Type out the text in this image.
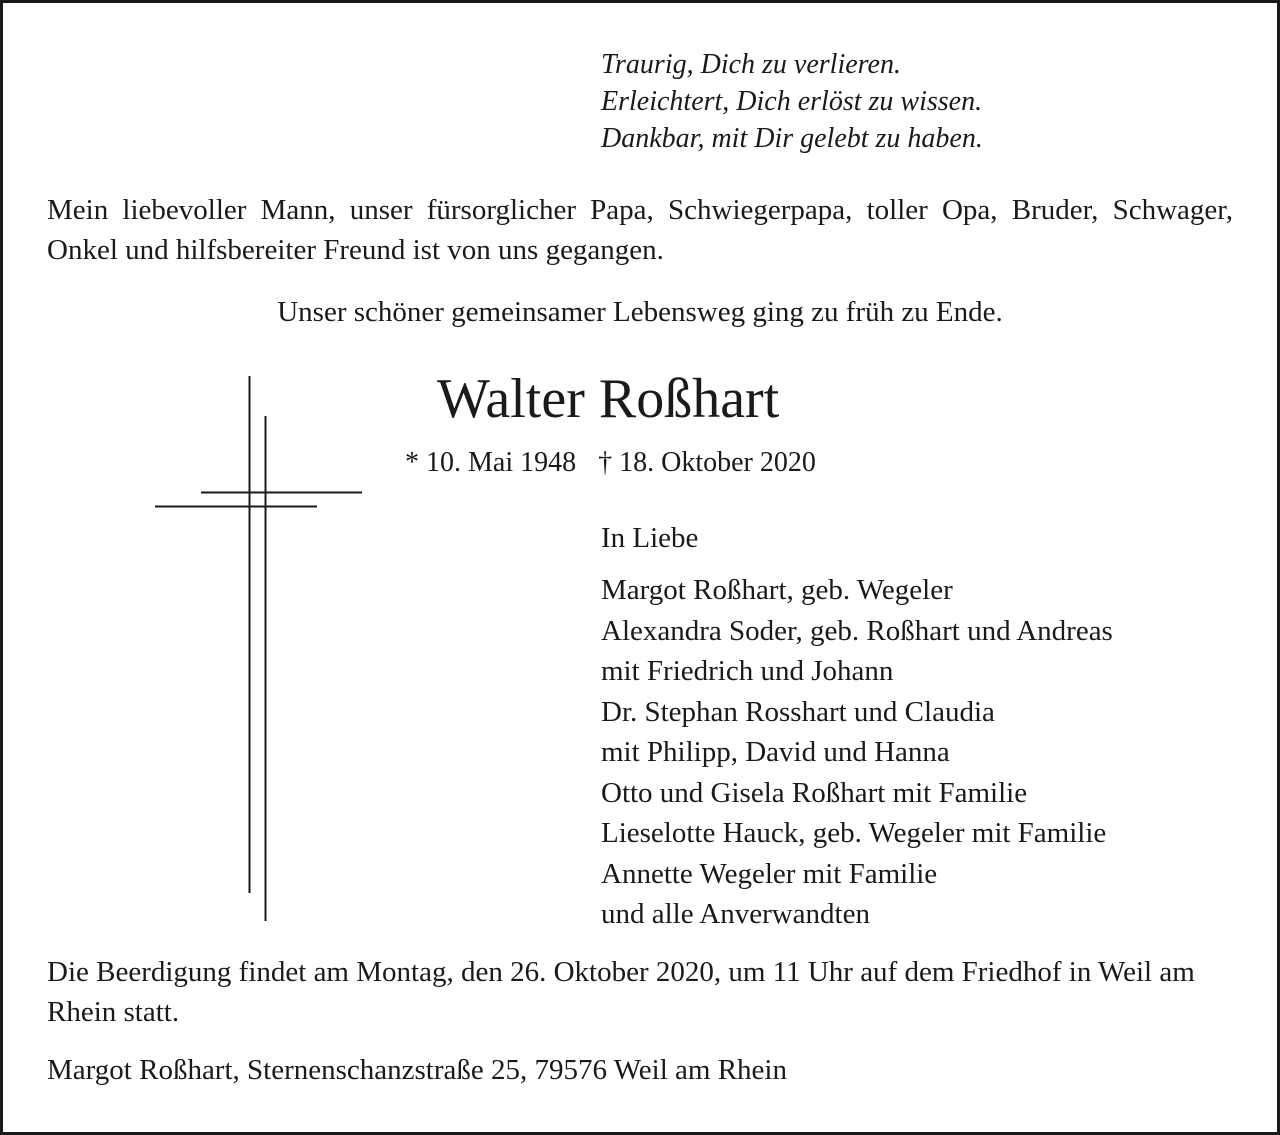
Traurig, Dich zu verlieren.
Erleichtert, Dich erlöst zu wissen.
Dankbar, mit Dir gelebt zu haben.
Mein liebevoller Mann, unser fürsorglicher Papa, Schwiegerpapa, toller Opa, Bruder, Schwager, Onkel und hilfsbereiter Freund ist von uns gegangen.
Unser schöner gemeinsamer Lebensweg ging zu früh zu Ende.
Walter Roßhart
* 10. Mai 1948 † 18. Oktober 2020
In Liebe
Margot Roßhart, geb. Wegeler
Alexandra Soder, geb. Roßhart und Andreas
mit Friedrich und Johann
Dr. Stephan Rosshart und Claudia
mit Philipp, David und Hanna
Otto und Gisela Roßhart mit Familie
Lieselotte Hauck, geb. Wegeler mit Familie
Annette Wegeler mit Familie
und alle Anverwandten
Die Beerdigung findet am Montag, den 26. Oktober 2020, um 11 Uhr auf dem Friedhof in Weil am Rhein statt.
Margot Roßhart, Sternenschanzstraße 25, 79576 Weil am Rhein
